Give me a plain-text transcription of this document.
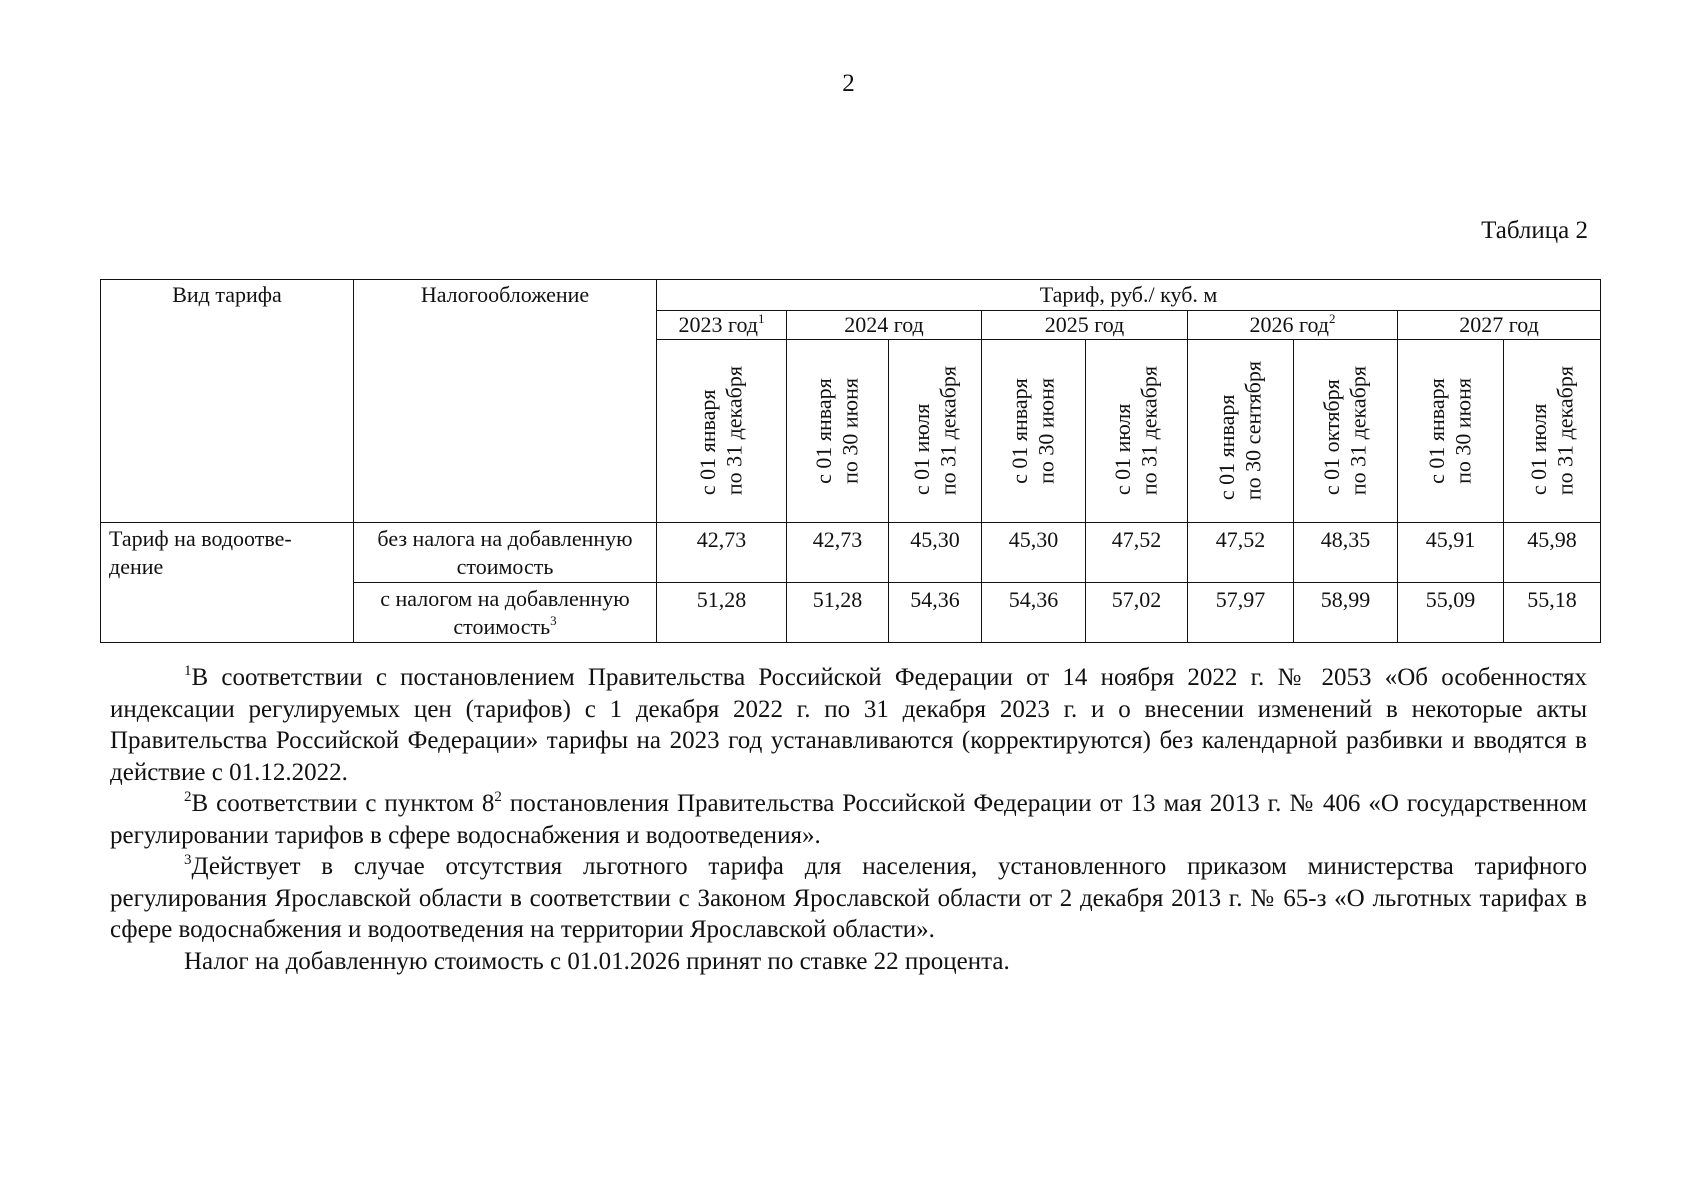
2
Таблица 2
Вид тарифа	Налогообложение	Тариф, руб./ куб. м								
		2023 год$^1$	2024 год		2025 год		2026 год$^2$		2027 год	

		с 01 января по 31 декабря	с 01 января по 30 июня	с 01 июля по 31 декабря	с 01 января по 30 июня	с 01 июля по 31 декабря	с 01 января по 30 сентября	с 01 октября по 31 декабря	с 01 января по 30 июня	с 01 июля по 31 декабря

Тариф на водоотве-дение	без налога на добавленную стоимость	42,73	42,73	45,30	45,30	47,52	47,52	48,35	45,91	45,98
	с налогом на добавленную стоимость$^3$	51,28	51,28	54,36	54,36	57,02	57,97	58,99	55,09	55,18

$^1$В соответствии с постановлением Правительства Российской Федерации от 14 ноября 2022 г. № 2053 «Об особенностях индексации регулируемых цен (тарифов) с 1 декабря 2022 г. по 31 декабря 2023 г. и о внесении изменений в некоторые акты Правительства Российской Федерации» тарифы на 2023 год устанавливаются (корректируются) без календарной разбивки и вводятся в действие с 01.12.2022.

$^2$В соответствии с пунктом $8^2$ постановления Правительства Российской Федерации от 13 мая 2013 г. № 406 «О государственном регулировании тарифов в сфере водоснабжения и водоотведения».

$^3$Действует в случае отсутствия льготного тарифа для населения, установленного приказом министерства тарифного регулирования Ярославской области в соответствии с Законом Ярославской области от 2 декабря 2013 г. № 65-з «О льготных тарифах в сфере водоснабжения и водоотведения на территории Ярославской области».

Налог на добавленную стоимость с 01.01.2026 принят по ставке 22 процента.
